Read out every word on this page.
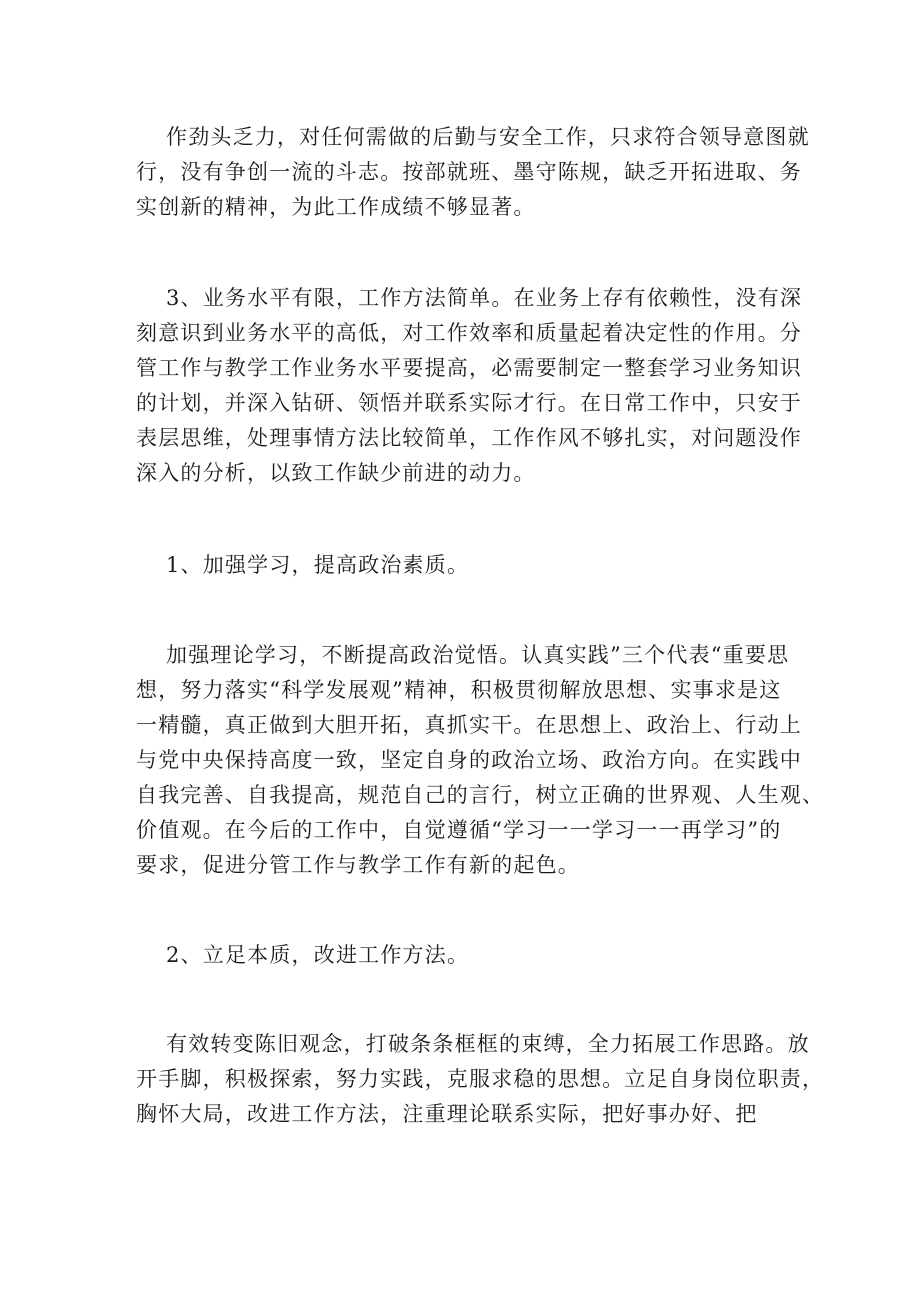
作劲头乏力，对任何需做的后勤与安全工作，只求符合领导意图就

行，没有争创一流的斗志。按部就班、墨守陈规，缺乏开拓进取、务

实创新的精神，为此工作成绩不够显著。

3、业务水平有限，工作方法简单。在业务上存有依赖性，没有深

刻意识到业务水平的高低，对工作效率和质量起着决定性的作用。分

管工作与教学工作业务水平要提高，必需要制定一整套学习业务知识

的计划，并深入钻研、领悟并联系实际才行。在日常工作中，只安于

表层思维，处理事情方法比较简单，工作作风不够扎实，对问题没作

深入的分析，以致工作缺少前进的动力。

1、加强学习，提高政治素质。

加强理论学习，不断提高政治觉悟。认真实践”三个代表“重要思

想，努力落实“科学发展观”精神，积极贯彻解放思想、实事求是这

一精髓，真正做到大胆开拓，真抓实干。在思想上、政治上、行动上

与党中央保持高度一致，坚定自身的政治立场、政治方向。在实践中

自我完善、自我提高，规范自己的言行，树立正确的世界观、人生观、

价值观。在今后的工作中，自觉遵循“学习一一学习一一再学习”的

要求，促进分管工作与教学工作有新的起色。

2、立足本质，改进工作方法。

有效转变陈旧观念，打破条条框框的束缚，全力拓展工作思路。放

开手脚，积极探索，努力实践，克服求稳的思想。立足自身岗位职责，

胸怀大局，改进工作方法，注重理论联系实际，把好事办好、把
